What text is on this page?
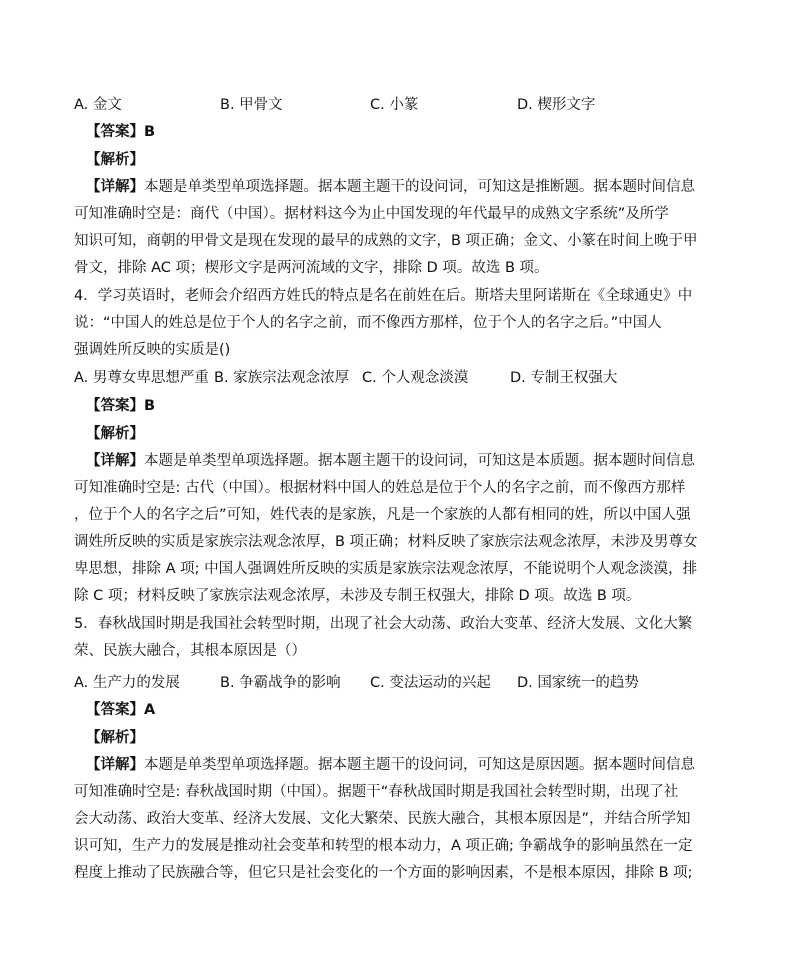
A. 金文	B. 甲骨文	C. 小篆	D. 楔形文字
【答案】B
【解析】
【详解】本题是单类型单项选择题。据本题主题干的设问词，可知这是推断题。据本题时间信息
可知准确时空是：商代（中国）。据材料这今为止中国发现的年代最早的成熟文字系统”及所学
知识可知，商朝的甲骨文是现在发现的最早的成熟的文字，B 项正确；金文、小篆在时间上晚于甲
骨文，排除 AC 项；楔形文字是两河流域的文字，排除 D 项。故选 B 项。
4．学习英语时，老师会介绍西方姓氏的特点是名在前姓在后。斯塔夫里阿诺斯在《全球通史》中
说：“中国人的姓总是位于个人的名字之前，而不像西方那样，位于个人的名字之后。”中国人
强调姓所反映的实质是()
A. 男尊女卑思想严重 B. 家族宗法观念浓厚 C. 个人观念淡漠	D. 专制王权强大
【答案】B
【解析】
【详解】本题是单类型单项选择题。据本题主题干的设问词，可知这是本质题。据本题时间信息
可知准确时空是: 古代（中国）。根据材料中国人的姓总是位于个人的名字之前，而不像西方那样
，位于个人的名字之后”可知，姓代表的是家族，凡是一个家族的人都有相同的姓，所以中国人强
调姓所反映的实质是家族宗法观念浓厚，B 项正确；材料反映了家族宗法观念浓厚，未涉及男尊女
卑思想，排除 A 项; 中国人强调姓所反映的实质是家族宗法观念浓厚，不能说明个人观念淡漠，排
除 C 项；材料反映了家族宗法观念浓厚，未涉及专制王权强大，排除 D 项。故选 B 项。
5．春秋战国时期是我国社会转型时期，出现了社会大动荡、政治大变革、经济大发展、文化大繁
荣、民族大融合，其根本原因是（）
A. 生产力的发展	B. 争霸战争的影响 C. 变法运动的兴起 D. 国家统一的趋势
【答案】A
【解析】
【详解】本题是单类型单项选择题。据本题主题干的设问词，可知这是原因题。据本题时间信息
可知准确时空是: 春秋战国时期（中国）。据题干“春秋战国时期是我国社会转型时期，出现了社
会大动荡、政治大变革、经济大发展、文化大繁荣、民族大融合，其根本原因是”，并结合所学知
识可知，生产力的发展是推动社会变革和转型的根本动力，A 项正确; 争霸战争的影响虽然在一定
程度上推动了民族融合等，但它只是社会变化的一个方面的影响因素，不是根本原因，排除 B 项;
